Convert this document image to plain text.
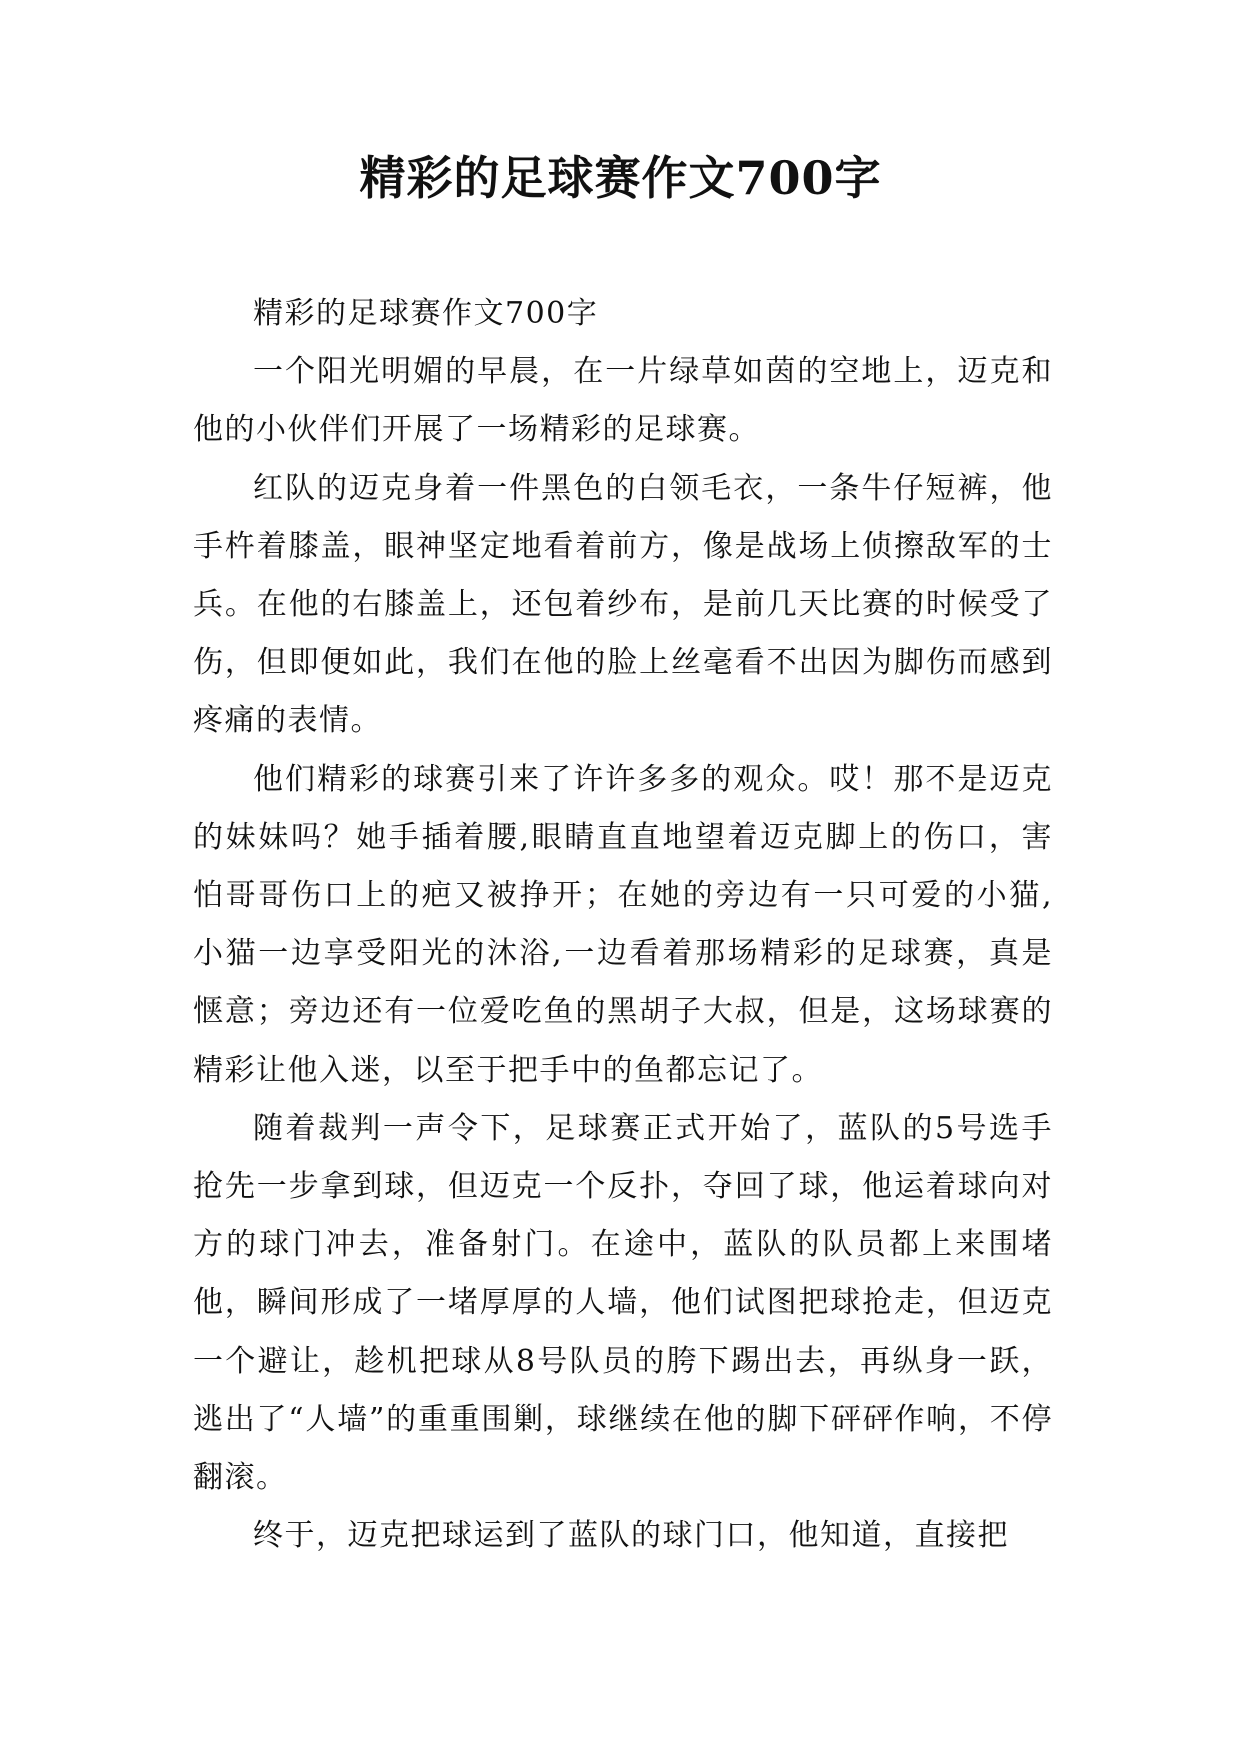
精彩的足球赛作文700字

精彩的足球赛作文700字

一个阳光明媚的早晨，在一片绿草如茵的空地上，迈克和他的小伙伴们开展了一场精彩的足球赛。

红队的迈克身着一件黑色的白领毛衣，一条牛仔短裤，他手杵着膝盖，眼神坚定地看着前方，像是战场上侦擦敌军的士兵。在他的右膝盖上，还包着纱布，是前几天比赛的时候受了伤，但即便如此，我们在他的脸上丝毫看不出因为脚伤而感到疼痛的表情。

他们精彩的球赛引来了许许多多的观众。哎！那不是迈克的妹妹吗？她手插着腰,眼睛直直地望着迈克脚上的伤口，害怕哥哥伤口上的疤又被挣开；在她的旁边有一只可爱的小猫,小猫一边享受阳光的沐浴,一边看着那场精彩的足球赛，真是惬意；旁边还有一位爱吃鱼的黑胡子大叔，但是，这场球赛的精彩让他入迷，以至于把手中的鱼都忘记了。

随着裁判一声令下，足球赛正式开始了，蓝队的5号选手抢先一步拿到球，但迈克一个反扑，夺回了球，他运着球向对方的球门冲去，准备射门。在途中，蓝队的队员都上来围堵他，瞬间形成了一堵厚厚的人墙，他们试图把球抢走，但迈克一个避让，趁机把球从8号队员的胯下踢出去，再纵身一跃，逃出了“人墙”的重重围剿，球继续在他的脚下砰砰作响，不停翻滚。

终于，迈克把球运到了蓝队的球门口，他知道，直接把
